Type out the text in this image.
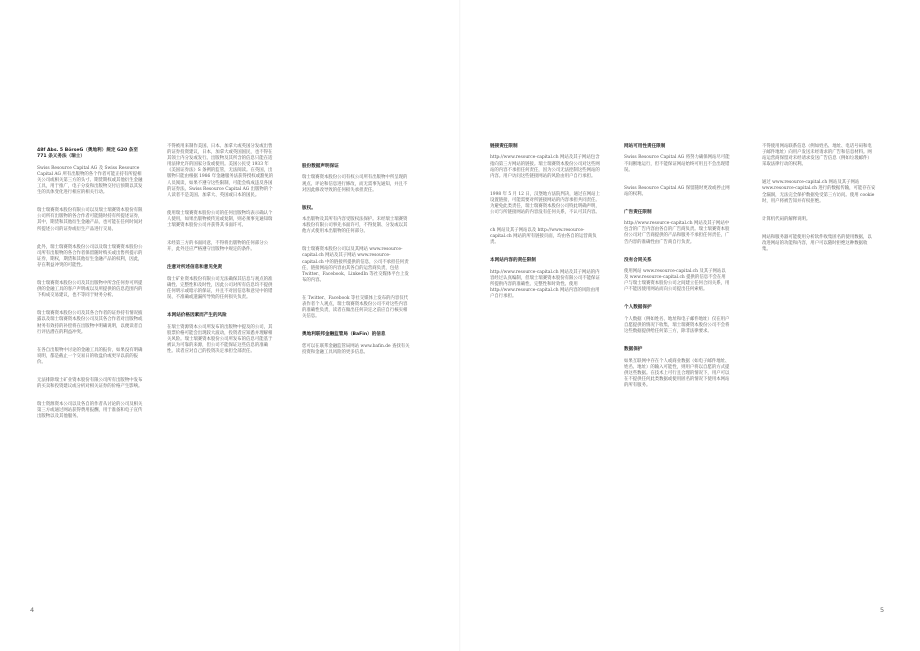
48f Abs. 5 BörseG（奥地利）规定 G20 条至 771 条义务法（瑞士）

Swiss Resource Capital AG 及 Swiss Resource Capital AG 所有出版物的各个作者可能正持有所提相关公司或相关第三方的头寸、期货期权或其他衍生金融工具，用于推广，电子分发和出版物交付后预期以其发生的具体变化进行相应的相关行动。

瑞士瑞赛资本股份有限公司以及瑞士瑞赛资本股份有限公司所有出版物的各合作者可能随时持有所提述证券，其中，期货和其他衍生金融产品，也可能在任何时间对所提述公司的证券或衍生产品进行交易。

此外，瑞士瑞赛资本股份公司以及瑞士瑞赛资本股份公司所有出版物的各合作者保留随时购买或出售所提示的证券，期权，期货和其他衍生金融产品的权利，因此，存在利益冲突的可能性。

瑞士瑞赛资本股份公司及其出版物中所含任何券可所提供的金融工具的客户声明或以及所提供的信息范围内的下构成交易建议，也不等同于财务分析。

瑞士瑞赛资本股份公司及其各合作者的证券持有情况披露以及瑞士瑞赛资本股份公司及其各合作者对出版物或财务有效持的补偿将在出版物中明确说明，以便读者自行评估潜在的利益冲突。

在各自出版物中讨论的金融工具的报价，如果没有明确说明，都是截止一个交易日的收盘价或更早以前的报价。

无法排除瑞士矿业资本股份有限公司所有出版物中发布的买卖和投资建议或分析对相关证券的价格产生影响。

瑞士资源资本公司以及各自的作者从讨论的公司及相关第三方或通过网站获得费用报酬，用于准备和电子宣传出版物以及其他服务。

不得被用来制作美国、日本、加拿大或英国分发或出售的证券投资建议，日本，加拿大或英国国民，也不得在其领土内分发或发行。出版物及其所含的信息只能在适用法律允许的国家分发或使用。美国公民受 1933 年《美国证券法》S 条例的监管，无法阅读。在英国，出版物只能由根据 1986 年金融服务法获得授权或豁免的人员阅读，如果不遵守这些限制，可能会构成违反各国的证券法。Swiss Resource Capital AG 出版物的个人读者不是美国、加拿大、英国或日本的国民。

使用瑞士瑞赛资本股份公司的任何出版物均表示确认个人使用，如果出版物被传送或复制，则必须事先通知瑞士瑞赛资本股份公司并获得其书面许可。

未经第三方的书面同意，不得将出版物的任何部分公开，此外还应严格遵守出版物中规定的条件。

注意对所述信息和意见免责

瑞士矿业资本股份有限公司无法确保其信息与观点的准确性、完整性和及时性，因此公司对所有信息均不提供任何明示或暗示的保证，并且不对因信息和意见中的错误、不准确或遗漏所导致的任何损失负责。

本网站价格因素而产生的风险

在瑞士资源资本公司所发布的出版物中提及的公司，其股票价格可能会出现较大波动，投资者应知悉并理解相关风险。瑞士瑞赛资本股份公司所发布的信息可能基于被认为可靠的来源，但公司不能保证这些信息的准确性。读者应对自己的投资决定承担全部责任。

股份数据声明保证

瑞士瑞赛资本股份公司有权公司所有出版物中所呈现的观点、评论和信息进行修改，而无需事先通知，并且不对因此修改导致的任何损失承担责任。

版权。

本出版物及其所有内容受版权法保护。未经瑞士瑞赛资本股份有限公司事先书面许可，不得复制、分发或以其他方式使用本出版物的任何部分。

瑞士瑞赛资本股份公司以及其网站 www.resource-capital.ch 网站及其子网站 www.resource-capital.ch 中的链接所提供的信息，公司不承担任何责任，链接网站的内容由其各自的运营商负责，包括 Twitter、Facebook、LinkedIn 等社交媒体平台上发布的内容。

在 Twitter、Facebook 等社交媒体上发布的内容仅代表作者个人观点，瑞士瑞赛资本股份公司不对这些内容的准确性负责，读者在做出任何决定之前应自行核实相关信息。

奥地利联邦金融监管局（BaFin）的信息

您可以在联邦金融监管局网站 www.bafin.de 查找有关投资和金融工具风险的更多信息。

4
链接责任限制

http://www.resource-capital.ch 网站及其子网站包含指向第三方网站的链接。瑞士瑞赛资本股份公司对这些网站的内容不承担任何责任，因为公司无法控制这些网站的内容。用户访问这些链接网站的风险由用户自行承担。

1998 年 5 月 12 日，汉堡地方法院判决，通过在网站上设置链接，可能需要对所链接网站的内容承担共同责任。为避免此类责任，瑞士瑞赛资本股份公司特此明确声明，公司与所链接网站的内容没有任何关系，不认可其内容。

ch 网站及其子网站以及 http://www.resource-capital.ch 网站的所有链接页面，均由各自的运营商负责。

本网站内容的责任限制

http://www.resource-capital.ch 网站及其子网站的内容经过认真编制，但瑞士瑞赛资本股份有限公司不能保证所提供内容的准确性、完整性和时效性。使用 http://www.resource-capital.ch 网站内容的风险由用户自行承担。

网站可用性责任限制

Swiss Resource Capital AG 将努力确保网站尽可能不间断地运行，但不能保证网站始终可用且不会出现错误。

Swiss Resource Capital AG 保留随时更改或停止网站的权利。

广告责任限制

http://www.resource-capital.ch 网站及其子网站中包含的广告内容由各自的广告商负责。瑞士瑞赛资本股份公司对广告商提供的产品和服务不承担任何责任，广告内容的准确性由广告商自行负责。

没有合同关系

使用网站 www.resource-capital.ch 及其子网站以及 www.resource-capital.ch 提供的信息不会在用户与瑞士瑞赛资本股份公司之间建立任何合同关系，用户不能因使用网站而向公司提出任何索赔。

个人数据保护

个人数据（例如姓名、地址和电子邮件地址）仅在用户自愿提供的情况下收集，瑞士瑞赛资本股份公司不会将这些数据提供给任何第三方，除非法律要求。

数据保护

如果互联网中存在个人或商业数据（如电子邮件地址、姓名、地址）的输入可能性，则用户将以自愿的方式提供这些数据。在技术上可行且合理的情况下，用户可以在不提供任何此类数据或使用匿名的情况下使用本网站的所有服务。

不得使用网站联系信息（例如姓名、地址、电话号码和电子邮件地址）向用户发送未经请求的广告和信息材料。网站运营商保留对未经请求发送广告信息（例如垃圾邮件）采取法律行动的权利。

通过 www.resource-capital.ch 网站及其子网站 www.resource-capital.ch 进行的数据传输，可能存在安全漏洞，无法完全保护数据免受第三方访问。使用 cookie 时，用户将被告知并有权拒绝。

计算机代码的解释说明。

网站和服务器可能使用分析软件收集匿名的使用数据，以改进网站的功能和内容，用户可以随时拒绝这种数据收集。

5
